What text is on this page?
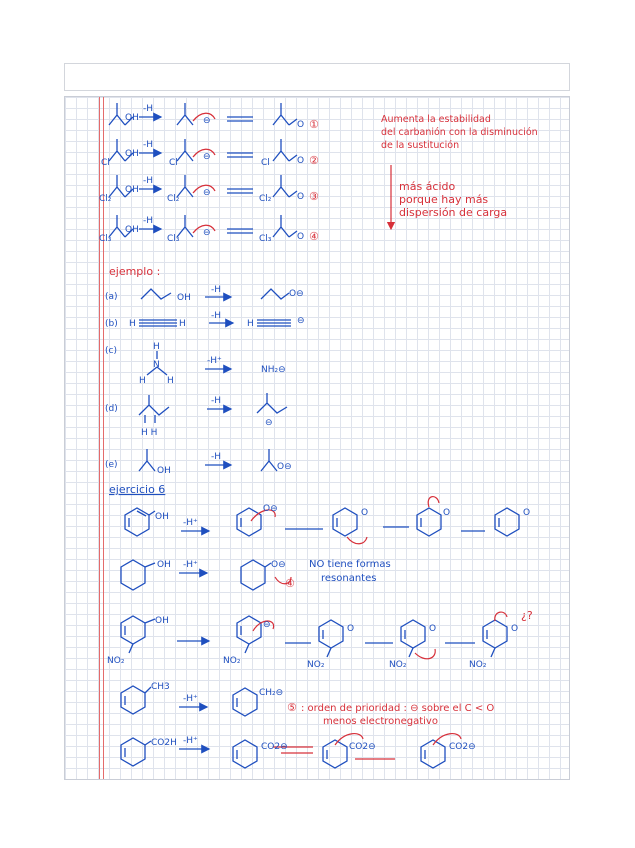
OH
-H
⊖	O
Cl
OH
-H
Cl
⊖
Cl	O
Cl₂
OH
-H
Cl₂
⊖
Cl₂	O
Cl₃
OH
-H
Cl₃
⊖
Cl₃	O
①
②
③
④
Aumenta la estabilidad
del carbanión con la disminución
de la sustitución
más ácido
porque hay más
dispersión de carga
ejemplo :
(a)	OH
-H	O⊖
(b) H	H
-H
H	⊖
(c)	H
N
H H
-H⁺
NH₂⊖
(d)
H H
-H
⊖
(e)
OH
-H
O⊖
ejercicio 6
OH
-H⁺
O⊖	O	O	O
OH -H⁺	O⊖ NO tiene formas
resonantes
OH
NO₂	NO₂	NO₂	NO₂	NO₂
⊖	O	O	O
CH3
-H⁺
CH₂⊖
CO2H -H⁺
CO2⊖	CO2⊖	CO2⊖
④
¿?
⑤ : orden de prioridad : ⊖ sobre el C < O
menos electronegativo
